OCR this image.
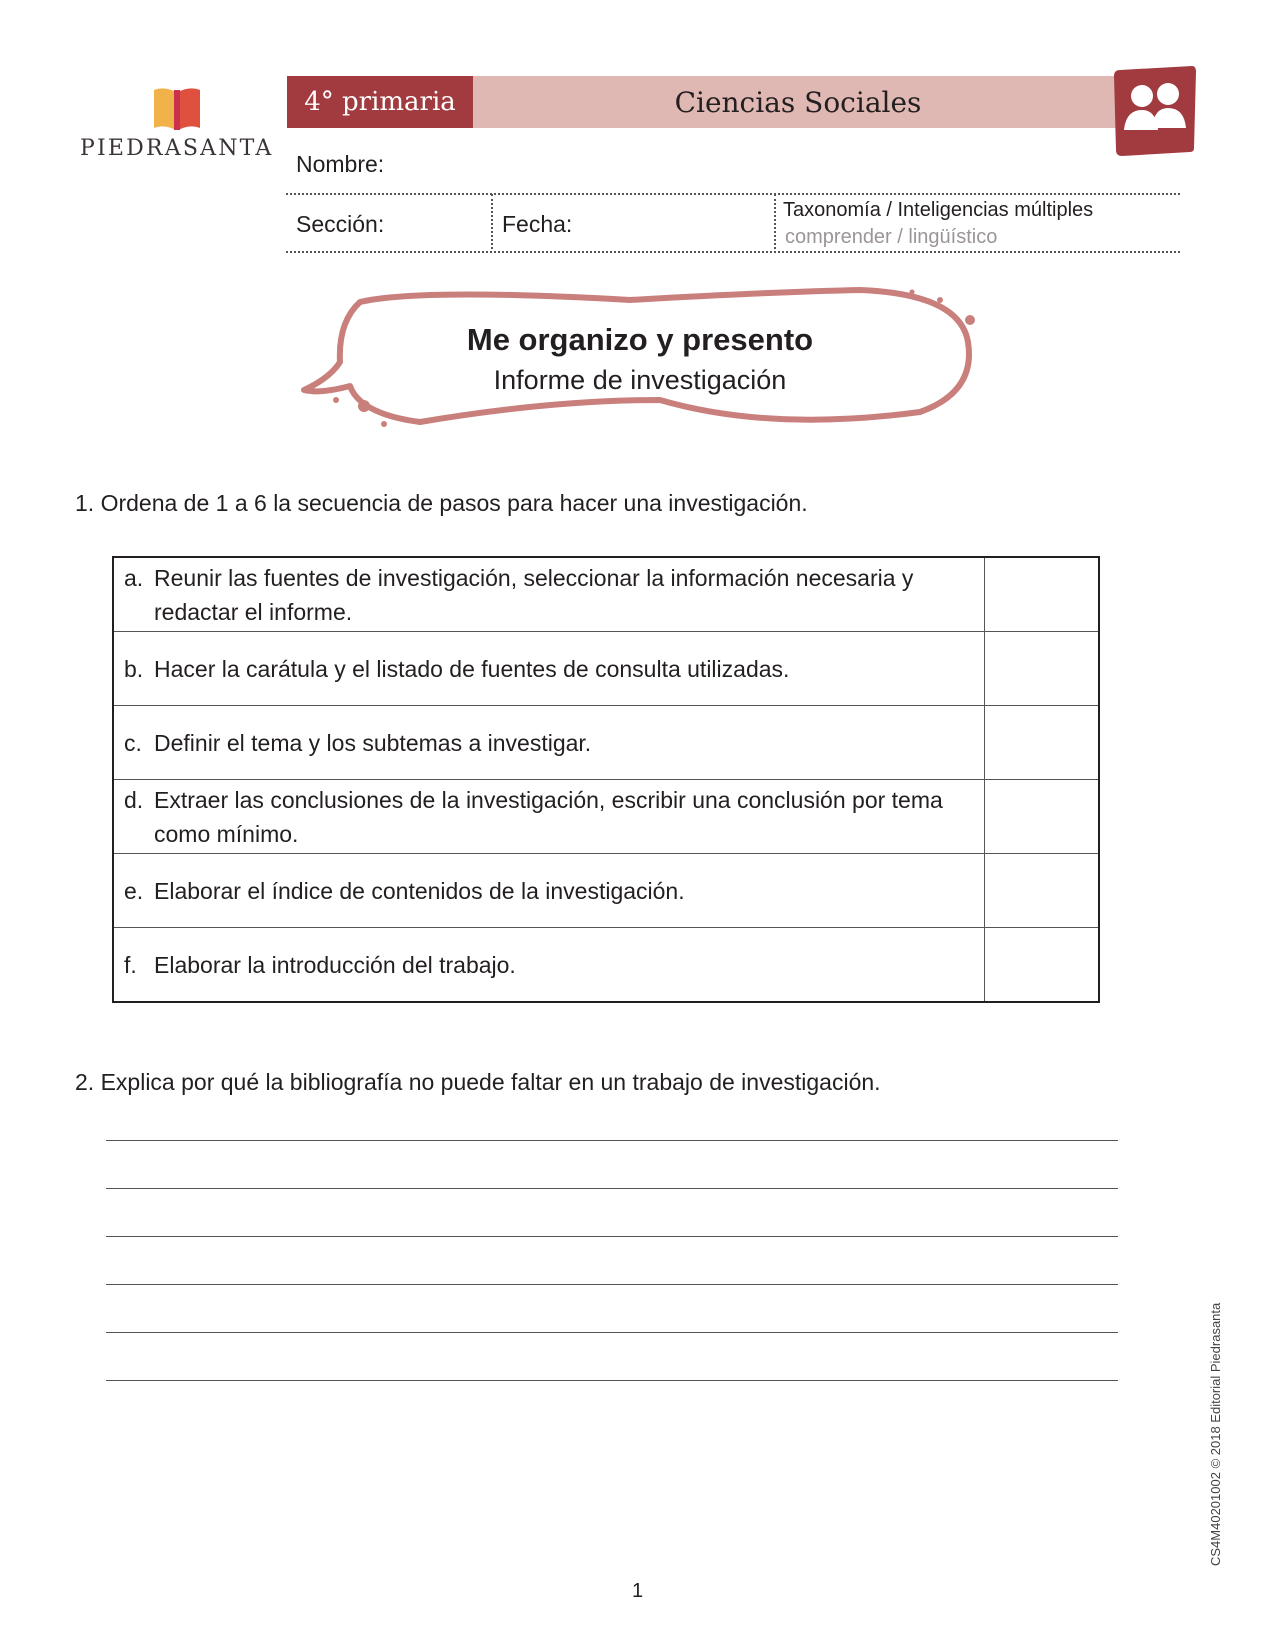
PIEDRASANTA
4° primaria	Ciencias Sociales
Nombre:
Sección:	Fecha:
Taxonomía / Inteligencias múltiples
comprender / lingüístico
Me organizo y presento
Informe de investigación
1. Ordena de 1 a 6 la secuencia de pasos para hacer una investigación.
a. Reunir las fuentes de investigación, seleccionar la información necesaria y redactar el informe.	

b. Hacer la carátula y el listado de fuentes de consulta utilizadas.	

c. Definir el tema y los subtemas a investigar.	

d. Extraer las conclusiones de la investigación, escribir una conclusión por tema como mínimo.	

e. Elaborar el índice de contenidos de la investigación.	

f. Elaborar la introducción del trabajo.	

2. Explica por qué la bibliografía no puede faltar en un trabajo de investigación.
1
CS4M40201002 © 2018 Editorial Piedrasanta
